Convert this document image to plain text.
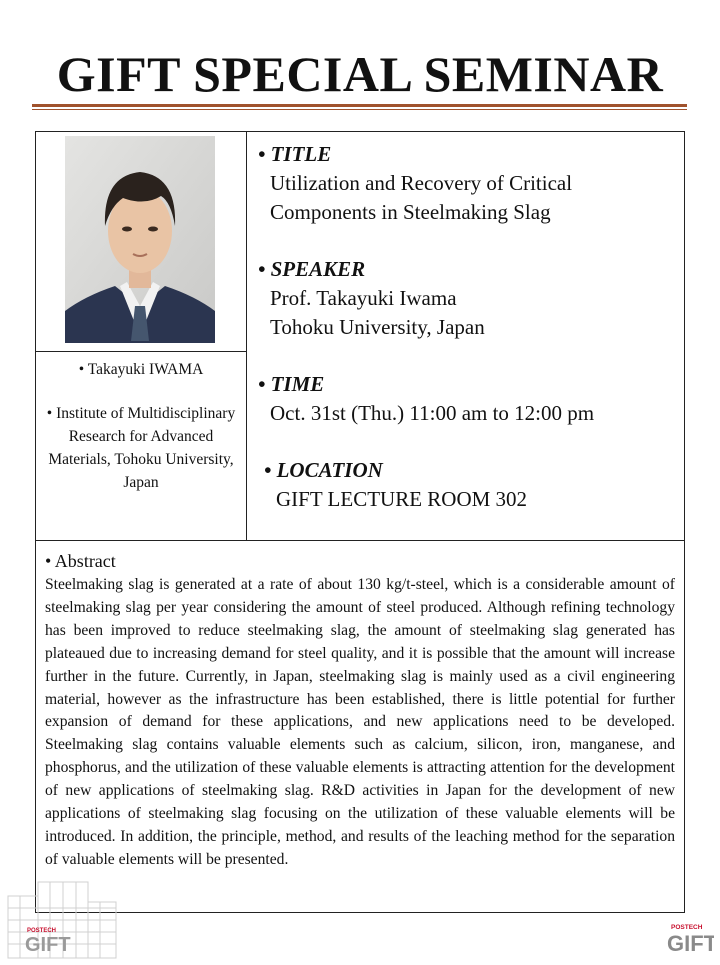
GIFT SPECIAL SEMINAR

• Takayuki IWAMA

• Institute of Multidisciplinary Research for Advanced Materials, Tohoku University, Japan

• TITLE
Utilization and Recovery of Critical
Components in Steelmaking Slag
• SPEAKER
Prof. Takayuki Iwama
Tohoku University, Japan
• TIME
Oct. 31st (Thu.) 11:00 am to 12:00 pm
• LOCATION
GIFT LECTURE ROOM 302
• Abstract
Steelmaking slag is generated at a rate of about 130 kg/t-steel, which is a considerable amount of steelmaking slag per year considering the amount of steel produced. Although refining technology has been improved to reduce steelmaking slag, the amount of steelmaking slag generated has plateaued due to increasing demand for steel quality, and it is possible that the amount will increase further in the future. Currently, in Japan, steelmaking slag is mainly used as a civil engineering material, however as the infrastructure has been established, there is little potential for further expansion of demand for these applications, and new applications need to be developed. Steelmaking slag contains valuable elements such as calcium, silicon, iron, manganese, and phosphorus, and the utilization of these valuable elements is attracting attention for the development of new applications of steelmaking slag. R&D activities in Japan for the development of new applications of steelmaking slag focusing on the utilization of these valuable elements will be introduced. In addition, the principle, method, and results of the leaching method for the separation of valuable elements will be presented.
POSTECH
GIFT
POSTECH
GIFT
